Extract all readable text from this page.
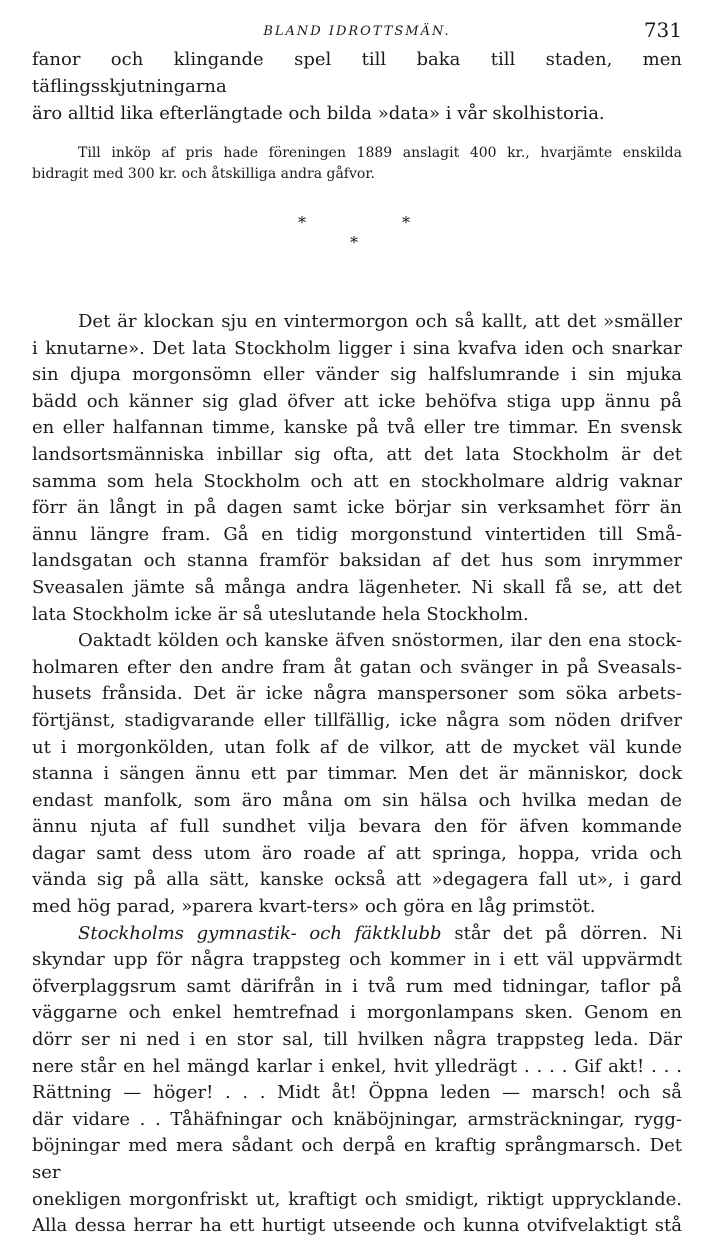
BLAND IDROTTSMÄN.	731

fanor och klingande spel till baka till staden, men täflingsskjutningarna

äro alltid lika efterlängtade och bilda »data» i vår skolhistoria.

Till inköp af pris hade föreningen 1889 anslagit 400 kr., hvarjämte enskilda

bidragit med 300 kr. och åtskilliga andra gåfvor.

*	*
*

Det är klockan sju en vintermorgon och så kallt, att det »smäller

i knutarne». Det lata Stockholm ligger i sina kvafva iden och snarkar

sin djupa morgonsömn eller vänder sig halfslumrande i sin mjuka

bädd och känner sig glad öfver att icke behöfva stiga upp ännu på

en eller halfannan timme, kanske på två eller tre timmar. En svensk

landsortsmänniska inbillar sig ofta, att det lata Stockholm är det

samma som hela Stockholm och att en stockholmare aldrig vaknar

förr än långt in på dagen samt icke börjar sin verksamhet förr än

ännu längre fram. Gå en tidig morgonstund vintertiden till Små-

landsgatan och stanna framför baksidan af det hus som inrymmer

Sveasalen jämte så många andra lägenheter. Ni skall få se, att det

lata Stockholm icke är så uteslutande hela Stockholm.

Oaktadt kölden och kanske äfven snöstormen, ilar den ena stock-

holmaren efter den andre fram åt gatan och svänger in på Sveasals-

husets frånsida. Det är icke några manspersoner som söka arbets-

förtjänst, stadigvarande eller tillfällig, icke några som nöden drifver

ut i morgonkölden, utan folk af de vilkor, att de mycket väl kunde

stanna i sängen ännu ett par timmar. Men det är människor, dock

endast manfolk, som äro måna om sin hälsa och hvilka medan de

ännu njuta af full sundhet vilja bevara den för äfven kommande

dagar samt dess utom äro roade af att springa, hoppa, vrida och

vända sig på alla sätt, kanske också att »degagera fall ut», i gard

med hög parad, »parera kvart-ters» och göra en låg primstöt.

Stockholms gymnastik- och fäktklubb står det på dörren. Ni

skyndar upp för några trappsteg och kommer in i ett väl uppvärmdt

öfverplaggsrum samt därifrån in i två rum med tidningar, taflor på

väggarne och enkel hemtrefnad i morgonlampans sken. Genom en

dörr ser ni ned i en stor sal, till hvilken några trappsteg leda. Där

nere står en hel mängd karlar i enkel, hvit ylledrägt . . . . Gif akt! . . .

Rättning — höger! . . . Midt åt! Öppna leden — marsch! och så

där vidare . . Tåhäfningar och knäböjningar, armsträckningar, rygg-

böjningar med mera sådant och derpå en kraftig språngmarsch. Det ser

onekligen morgonfriskt ut, kraftigt och smidigt, riktigt upprycklande.

Alla dessa herrar ha ett hurtigt utseende och kunna otvifvelaktigt stå
